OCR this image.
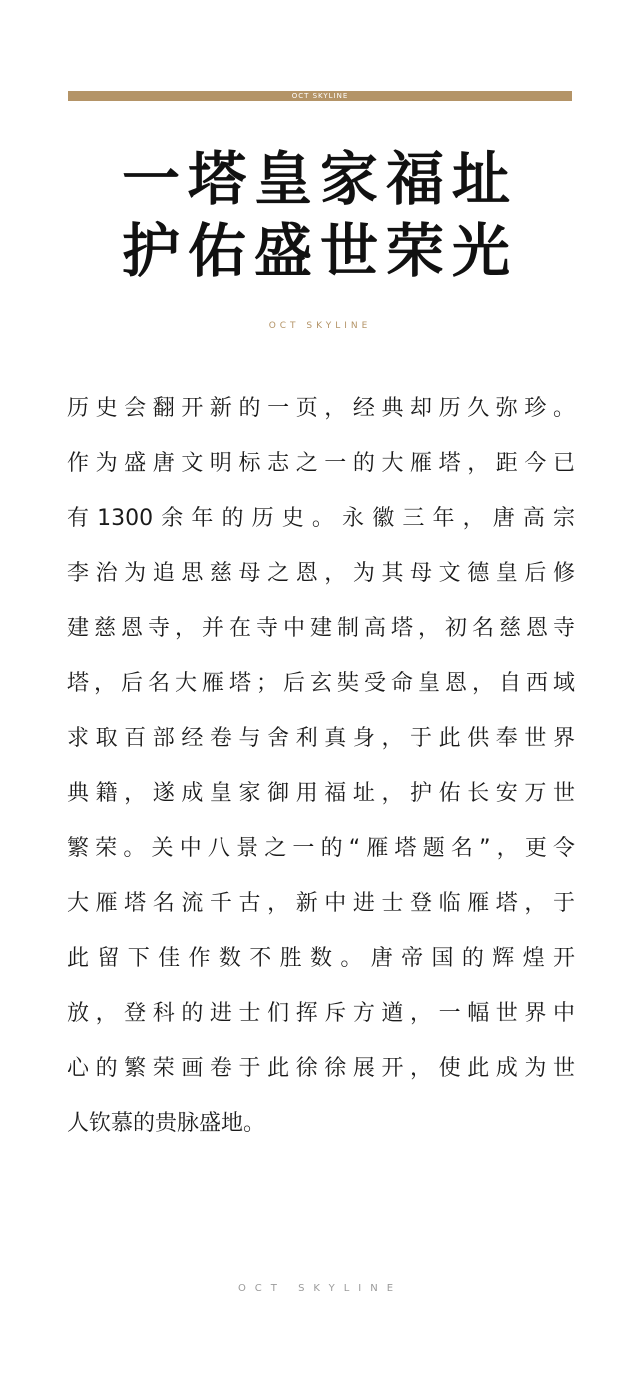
OCT SKYLINE
一塔皇家福址
护佑盛世荣光
OCT SKYLINE
历史会翻开新的一页，经典却历久弥珍。
作为盛唐文明标志之一的大雁塔，距今已
有1300余年的历史。永徽三年，唐高宗
李治为追思慈母之恩，为其母文德皇后修
建慈恩寺，并在寺中建制高塔，初名慈恩寺
塔，后名大雁塔；后玄奘受命皇恩，自西域
求取百部经卷与舍利真身，于此供奉世界
典籍，遂成皇家御用福址，护佑长安万世
繁荣。关中八景之一的“雁塔题名”，更令
大雁塔名流千古，新中进士登临雁塔，于
此留下佳作数不胜数。唐帝国的辉煌开
放，登科的进士们挥斥方遒，一幅世界中
心的繁荣画卷于此徐徐展开，使此成为世
人钦慕的贵脉盛地。
OCT SKYLINE
